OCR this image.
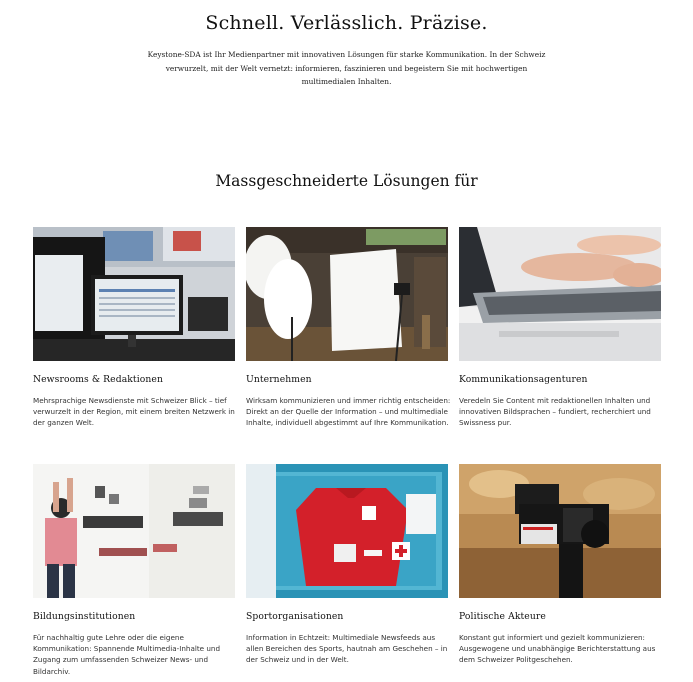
Schnell. Verlässlich. Präzise.

Keystone-SDA ist Ihr Medienpartner mit innovativen Lösungen für starke Kommunikation. In der Schweiz verwurzelt, mit der Welt vernetzt: informieren, faszinieren und begeistern Sie mit hochwertigen multimedialen Inhalten.

Massgeschneiderte Lösungen für
Newsrooms & Redaktionen
Mehrsprachige Newsdienste mit Schweizer Blick – tief verwurzelt in der Region, mit einem breiten Netzwerk in der ganzen Welt.
Unternehmen
Wirksam kommunizieren und immer richtig entscheiden: Direkt an der Quelle der Information – und multimediale Inhalte, individuell abgestimmt auf Ihre Kommunikation.
Kommunikationsagenturen
Veredeln Sie Content mit redaktionellen Inhalten und innovativen Bildsprachen – fundiert, recherchiert und Swissness pur.
Bildungsinstitutionen
Für nachhaltig gute Lehre oder die eigene Kommunikation: Spannende Multimedia-Inhalte und Zugang zum umfassenden Schweizer News- und Bildarchiv.
Sportorganisationen
Information in Echtzeit: Multimediale Newsfeeds aus allen Bereichen des Sports, hautnah am Geschehen – in der Schweiz und in der Welt.
Politische Akteure
Konstant gut informiert und gezielt kommunizieren: Ausgewogene und unabhängige Berichterstattung aus dem Schweizer Politgeschehen.
